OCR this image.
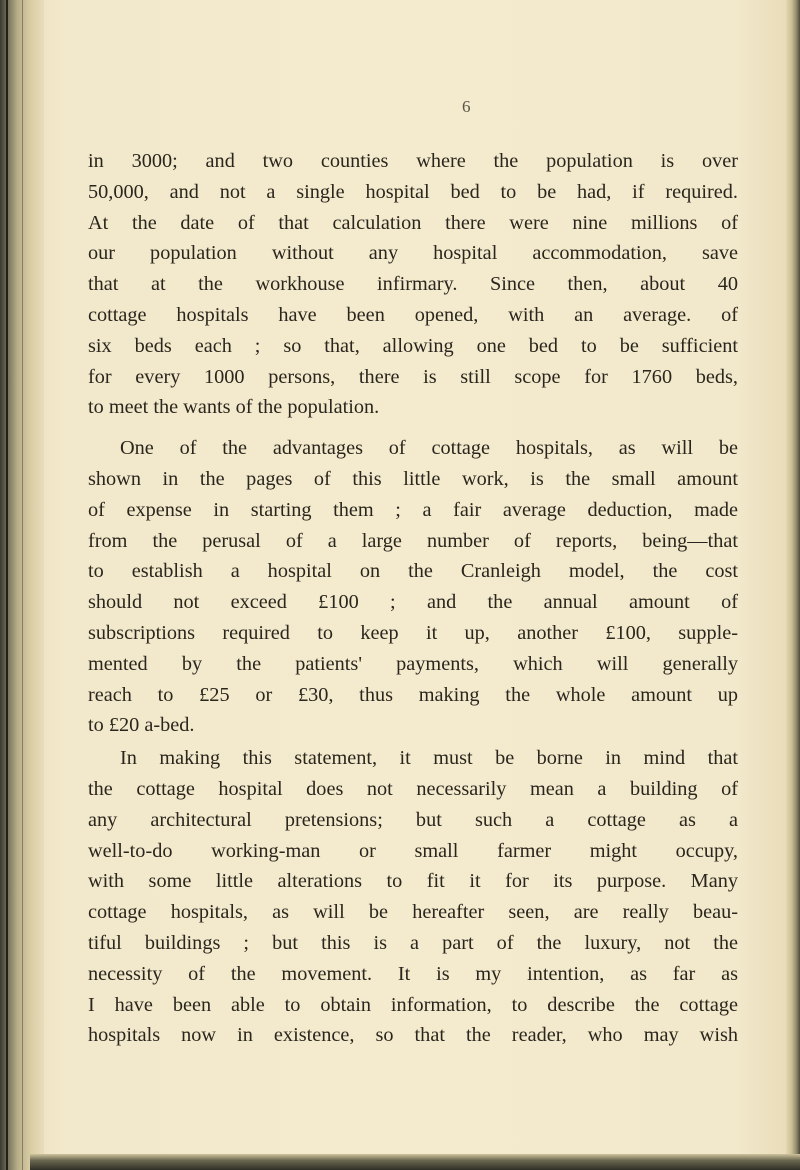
6
in 3000; and two counties where the population is over
50,000, and not a single hospital bed to be had, if required.
At the date of that calculation there were nine millions of
our population without any hospital accommodation, save
that at the workhouse infirmary. Since then, about 40
cottage hospitals have been opened, with an average. of
six beds each ; so that, allowing one bed to be sufficient
for every 1000 persons, there is still scope for 1760 beds,
to meet the wants of the population.
One of the advantages of cottage hospitals, as will be
shown in the pages of this little work, is the small amount
of expense in starting them ; a fair average deduction, made
from the perusal of a large number of reports, being—that
to establish a hospital on the Cranleigh model, the cost
should not exceed £100 ; and the annual amount of
subscriptions required to keep it up, another £100, supple-
mented by the patients' payments, which will generally
reach to £25 or £30, thus making the whole amount up
to £20 a-bed.
In making this statement, it must be borne in mind that
the cottage hospital does not necessarily mean a building of
any architectural pretensions; but such a cottage as a
well-to-do working-man or small farmer might occupy,
with some little alterations to fit it for its purpose. Many
cottage hospitals, as will be hereafter seen, are really beau-
tiful buildings ; but this is a part of the luxury, not the
necessity of the movement. It is my intention, as far as
I have been able to obtain information, to describe the cottage
hospitals now in existence, so that the reader, who may wish
